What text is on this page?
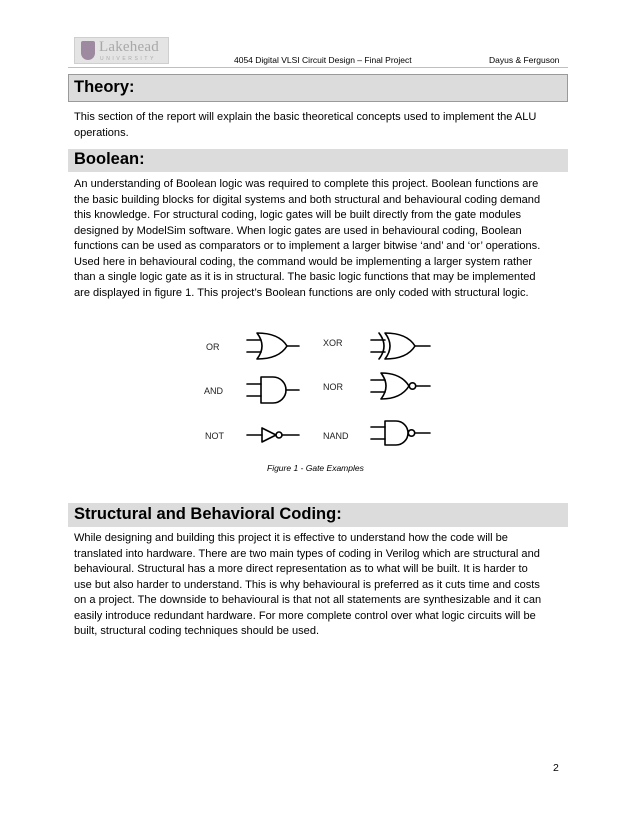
Lakehead
UNIVERSITY	4054 Digital VLSI Circuit Design – Final Project	Dayus & Ferguson
Theory:

This section of the report will explain the basic theoretical concepts used to implement the ALU
operations.

Boolean:

An understanding of Boolean logic was required to complete this project. Boolean functions are
the basic building blocks for digital systems and both structural and behavioural coding demand
this knowledge. For structural coding, logic gates will be built directly from the gate modules
designed by ModelSim software. When logic gates are used in behavioural coding, Boolean
functions can be used as comparators or to implement a larger bitwise ‘and’ and ‘or’ operations.
Used here in behavioural coding, the command would be implementing a larger system rather
than a single logic gate as it is in structural. The basic logic functions that may be implemented
are displayed in figure 1. This project’s Boolean functions are only coded with structural logic.

OR	XOR
AND	NOR
NOT	NAND
Figure 1 - Gate Examples
Structural and Behavioral Coding:

While designing and building this project it is effective to understand how the code will be
translated into hardware. There are two main types of coding in Verilog which are structural and
behavioural. Structural has a more direct representation as to what will be built. It is harder to
use but also harder to understand. This is why behavioural is preferred as it cuts time and costs
on a project. The downside to behavioural is that not all statements are synthesizable and it can
easily introduce redundant hardware. For more complete control over what logic circuits will be
built, structural coding techniques should be used.

2
